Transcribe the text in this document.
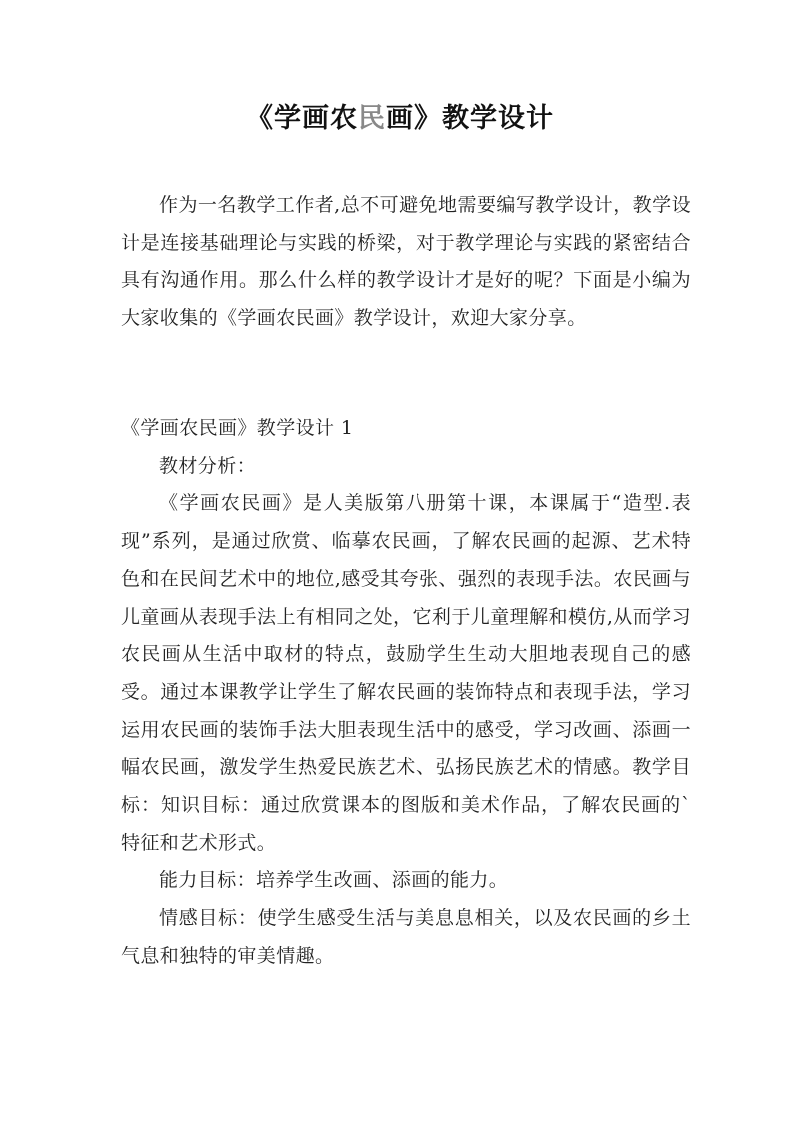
《学画农民画》教学设计

作为一名教学工作者,总不可避免地需要编写教学设计，教学设计是连接基础理论与实践的桥梁，对于教学理论与实践的紧密结合具有沟通作用。那么什么样的教学设计才是好的呢？下面是小编为大家收集的《学画农民画》教学设计，欢迎大家分享。

《学画农民画》教学设计 1

教材分析：

《学画农民画》是人美版第八册第十课，本课属于“造型.表现”系列，是通过欣赏、临摹农民画，了解农民画的起源、艺术特色和在民间艺术中的地位,感受其夸张、强烈的表现手法。农民画与儿童画从表现手法上有相同之处，它利于儿童理解和模仿,从而学习农民画从生活中取材的特点，鼓励学生生动大胆地表现自己的感受。通过本课教学让学生了解农民画的装饰特点和表现手法，学习运用农民画的装饰手法大胆表现生活中的感受，学习改画、添画一幅农民画，激发学生热爱民族艺术、弘扬民族艺术的情感。教学目标：知识目标：通过欣赏课本的图版和美术作品，了解农民画的`特征和艺术形式。

能力目标：培养学生改画、添画的能力。

情感目标：使学生感受生活与美息息相关，以及农民画的乡土气息和独特的审美情趣。
